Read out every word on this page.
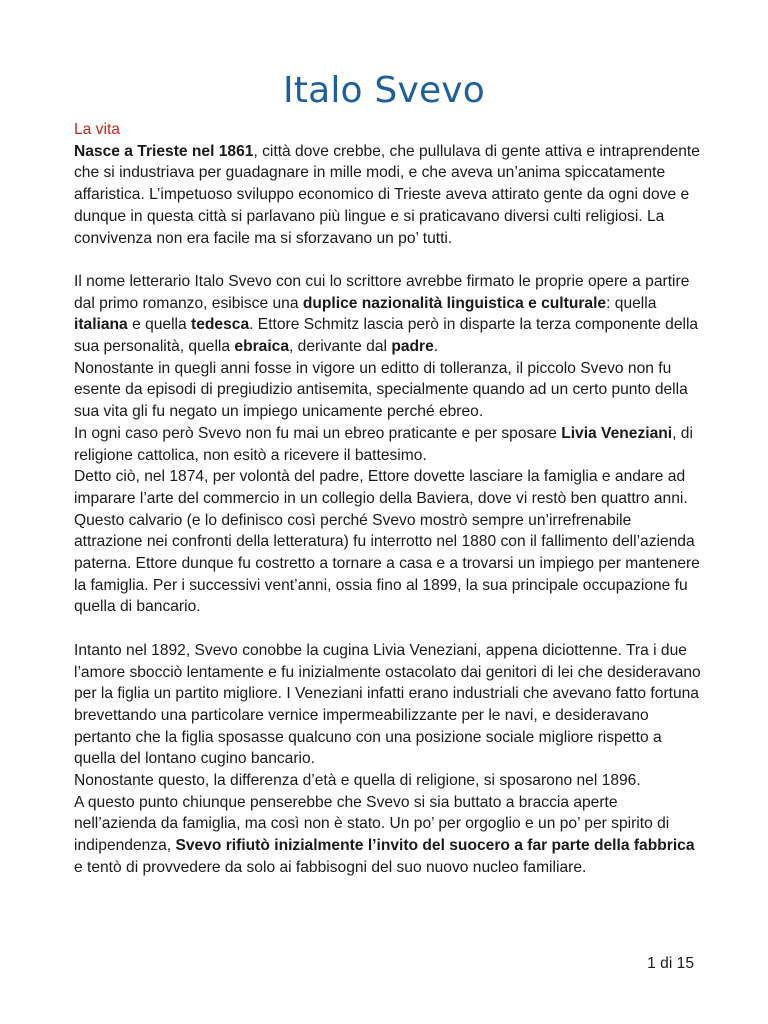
Italo Svevo

La vita

Nasce a Trieste nel 1861, città dove crebbe, che pullulava di gente attiva e intraprendente che si industriava per guadagnare in mille modi, e che aveva un’anima spiccatamente affaristica. L’impetuoso sviluppo economico di Trieste aveva attirato gente da ogni dove e dunque in questa città si parlavano più lingue e si praticavano diversi culti religiosi. La convivenza non era facile ma si sforzavano un po’ tutti.

Il nome letterario Italo Svevo con cui lo scrittore avrebbe firmato le proprie opere a partire dal primo romanzo, esibisce una duplice nazionalità linguistica e culturale: quella italiana e quella tedesca. Ettore Schmitz lascia però in disparte la terza componente della sua personalità, quella ebraica, derivante dal padre.

Nonostante in quegli anni fosse in vigore un editto di tolleranza, il piccolo Svevo non fu esente da episodi di pregiudizio antisemita, specialmente quando ad un certo punto della sua vita gli fu negato un impiego unicamente perché ebreo.

In ogni caso però Svevo non fu mai un ebreo praticante e per sposare Livia Veneziani, di religione cattolica, non esitò a ricevere il battesimo.

Detto ciò, nel 1874, per volontà del padre, Ettore dovette lasciare la famiglia e andare ad imparare l’arte del commercio in un collegio della Baviera, dove vi restò ben quattro anni.

Questo calvario (e lo definisco così perché Svevo mostrò sempre un’irrefrenabile attrazione nei confronti della letteratura) fu interrotto nel 1880 con il fallimento dell’azienda paterna. Ettore dunque fu costretto a tornare a casa e a trovarsi un impiego per mantenere la famiglia. Per i successivi vent’anni, ossia fino al 1899, la sua principale occupazione fu quella di bancario.

Intanto nel 1892, Svevo conobbe la cugina Livia Veneziani, appena diciottenne. Tra i due l’amore sbocciò lentamente e fu inizialmente ostacolato dai genitori di lei che desideravano per la figlia un partito migliore. I Veneziani infatti erano industriali che avevano fatto fortuna brevettando una particolare vernice impermeabilizzante per le navi, e desideravano pertanto che la figlia sposasse qualcuno con una posizione sociale migliore rispetto a quella del lontano cugino bancario.

Nonostante questo, la differenza d’età e quella di religione, si sposarono nel 1896.

A questo punto chiunque penserebbe che Svevo si sia buttato a braccia aperte nell’azienda da famiglia, ma così non è stato. Un po’ per orgoglio e un po’ per spirito di indipendenza, Svevo rifiutò inizialmente l’invito del suocero a far parte della fabbrica e tentò di provvedere da solo ai fabbisogni del suo nuovo nucleo familiare.

1 di 15
